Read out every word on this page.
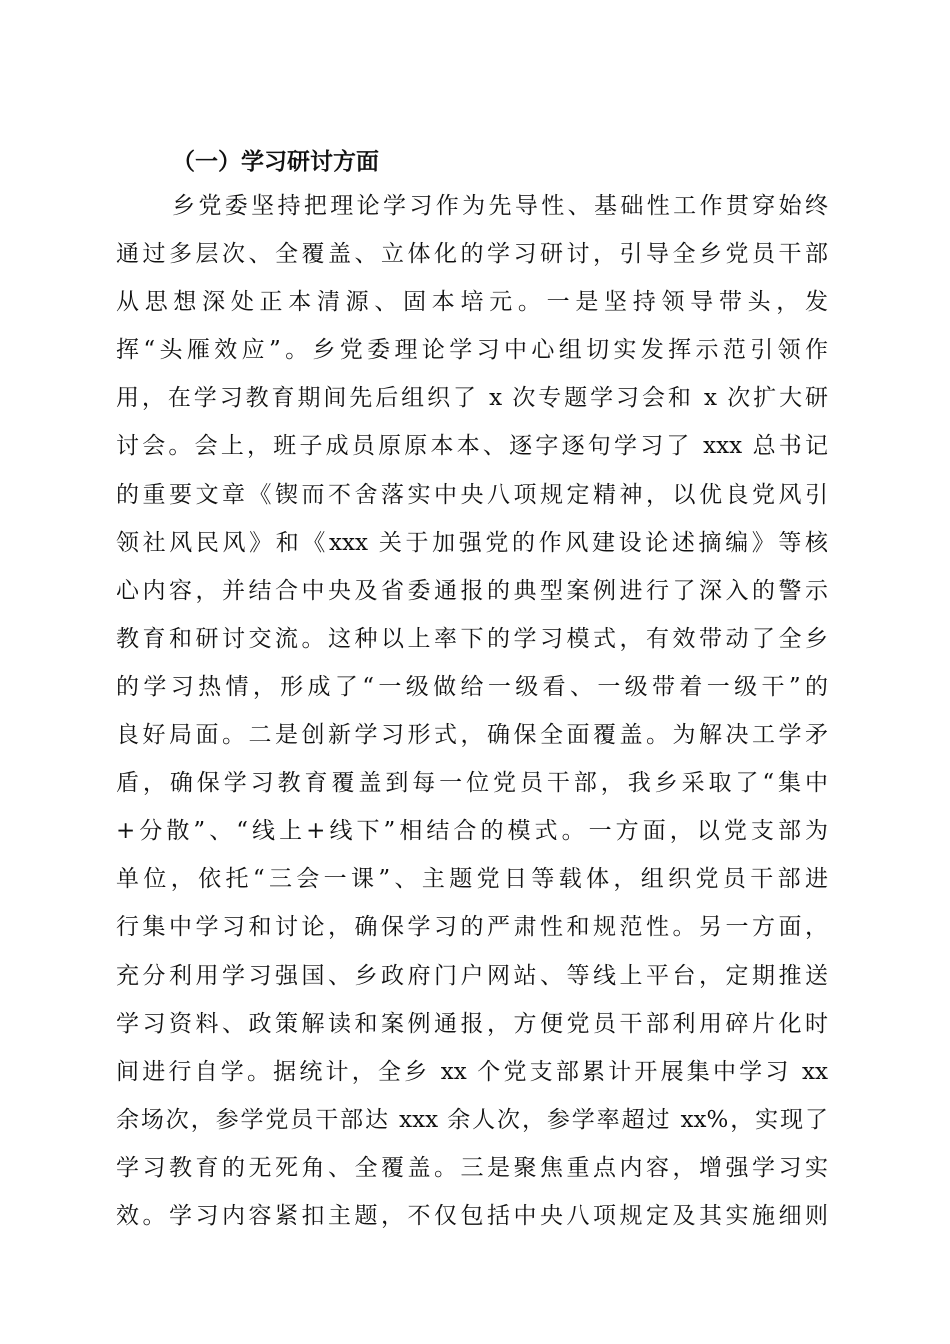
（一）学习研讨方面
乡党委坚持把理论学习作为先导性、基础性工作贯穿始终
通过多层次、全覆盖、立体化的学习研讨，引导全乡党员干部
从思想深处正本清源、固本培元。一是坚持领导带头，发
挥“头雁效应”。乡党委理论学习中心组切实发挥示范引领作
用，在学习教育期间先后组织了 x 次专题学习会和 x 次扩大研
讨会。会上，班子成员原原本本、逐字逐句学习了 xxx 总书记
的重要文章《锲而不舍落实中央八项规定精神，以优良党风引
领社风民风》和《xxx 关于加强党的作风建设论述摘编》等核
心内容，并结合中央及省委通报的典型案例进行了深入的警示
教育和研讨交流。这种以上率下的学习模式，有效带动了全乡
的学习热情，形成了“一级做给一级看、一级带着一级干”的
良好局面。二是创新学习形式，确保全面覆盖。为解决工学矛
盾，确保学习教育覆盖到每一位党员干部，我乡采取了“集中
+分散”、“线上+线下”相结合的模式。一方面，以党支部为
单位，依托“三会一课”、主题党日等载体，组织党员干部进
行集中学习和讨论，确保学习的严肃性和规范性。另一方面，
充分利用学习强国、乡政府门户网站、等线上平台，定期推送
学习资料、政策解读和案例通报，方便党员干部利用碎片化时
间进行自学。据统计，全乡 xx 个党支部累计开展集中学习 xx
余场次，参学党员干部达 xxx 余人次，参学率超过 xx%，实现了
学习教育的无死角、全覆盖。三是聚焦重点内容，增强学习实
效。学习内容紧扣主题，不仅包括中央八项规定及其实施细则
